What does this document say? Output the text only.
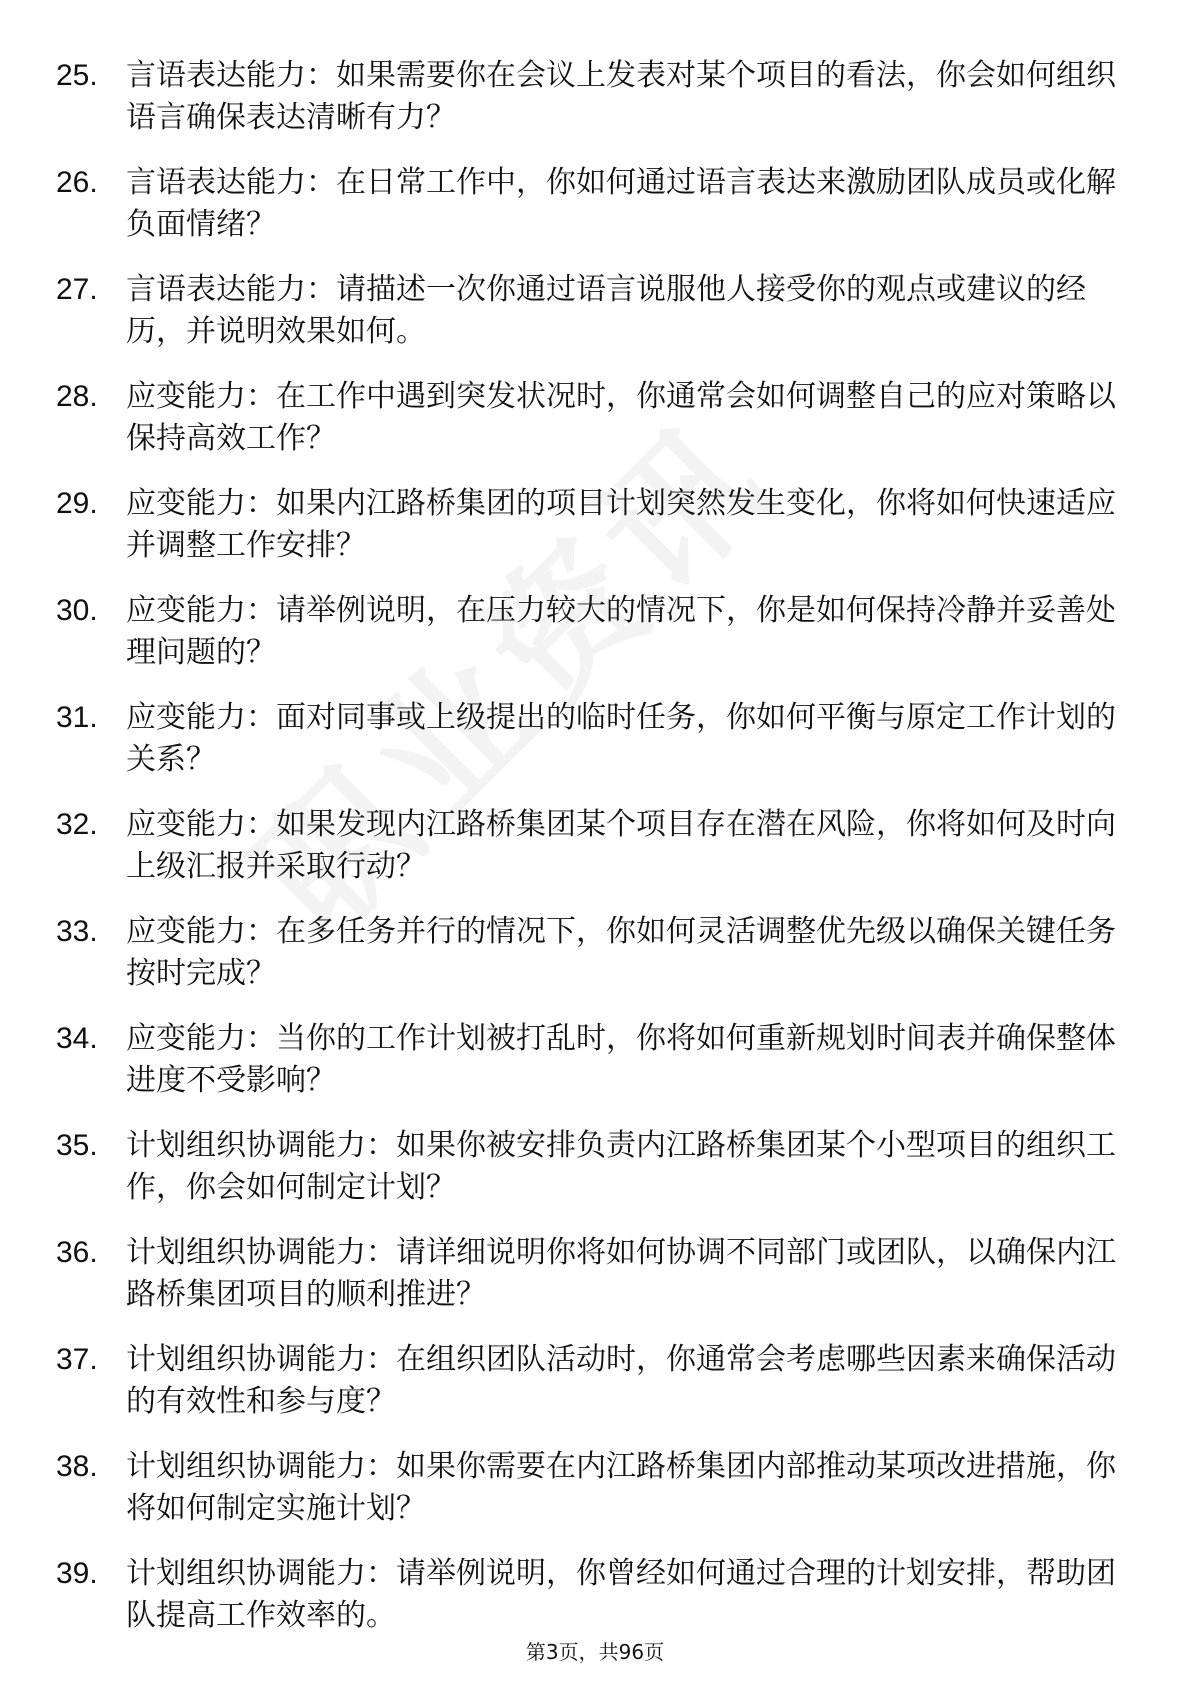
25. 言语表达能力：如果需要你在会议上发表对某个项目的看法，你会如何组织语言确保表达清晰有力？
26. 言语表达能力：在日常工作中，你如何通过语言表达来激励团队成员或化解负面情绪？
27. 言语表达能力：请描述一次你通过语言说服他人接受你的观点或建议的经历，并说明效果如何。
28. 应变能力：在工作中遇到突发状况时，你通常会如何调整自己的应对策略以保持高效工作？
29. 应变能力：如果内江路桥集团的项目计划突然发生变化，你将如何快速适应并调整工作安排？
30. 应变能力：请举例说明，在压力较大的情况下，你是如何保持冷静并妥善处理问题的？
31. 应变能力：面对同事或上级提出的临时任务，你如何平衡与原定工作计划的关系？
32. 应变能力：如果发现内江路桥集团某个项目存在潜在风险，你将如何及时向上级汇报并采取行动？
33. 应变能力：在多任务并行的情况下，你如何灵活调整优先级以确保关键任务按时完成？
34. 应变能力：当你的工作计划被打乱时，你将如何重新规划时间表并确保整体进度不受影响？
35. 计划组织协调能力：如果你被安排负责内江路桥集团某个小型项目的组织工作，你会如何制定计划？
36. 计划组织协调能力：请详细说明你将如何协调不同部门或团队，以确保内江路桥集团项目的顺利推进？
37. 计划组织协调能力：在组织团队活动时，你通常会考虑哪些因素来确保活动的有效性和参与度？
38. 计划组织协调能力：如果你需要在内江路桥集团内部推动某项改进措施，你将如何制定实施计划？
39. 计划组织协调能力：请举例说明，你曾经如何通过合理的计划安排，帮助团队提高工作效率的。
第3页，共96页
